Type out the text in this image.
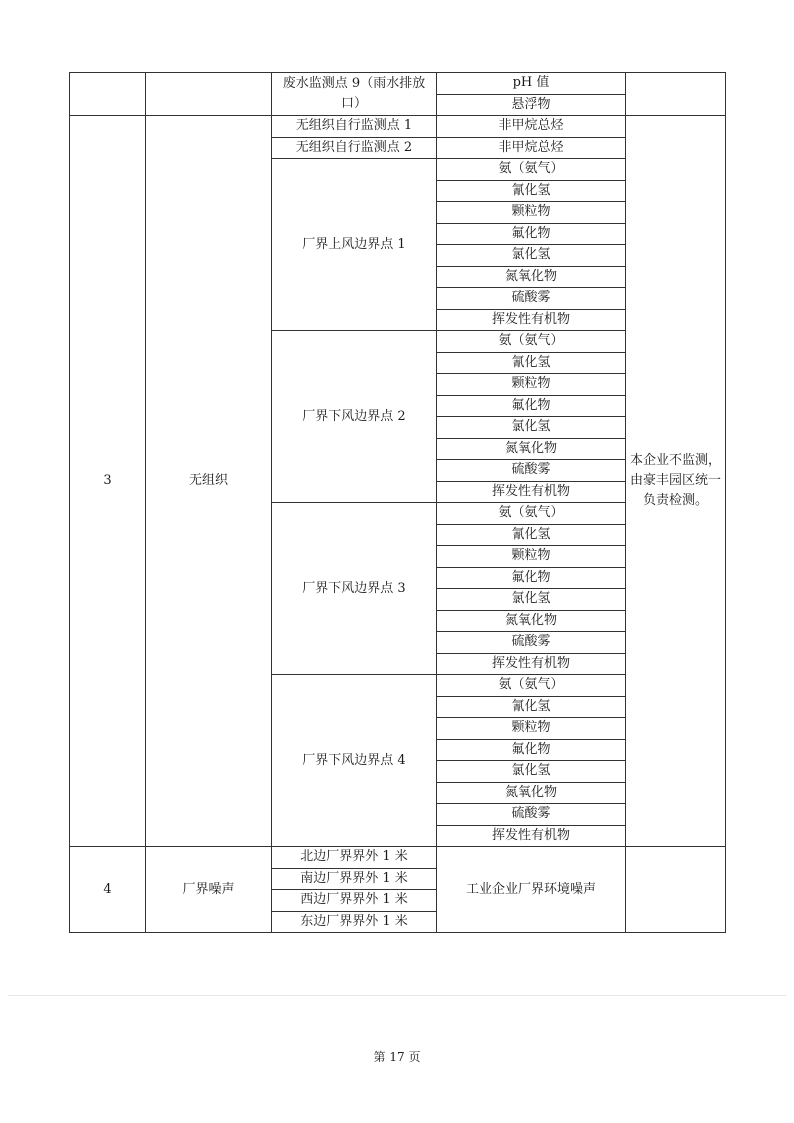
		废水监测点 9（雨水排放口）	pH 值	
			悬浮物	
3	无组织	无组织自行监测点 1	非甲烷总烃	本企业不监测，由豪丰园区统一负责检测。
		无组织自行监测点 2	非甲烷总烃	
		厂界上风边界点 1	氨（氨气）	
			氰化氢	
			颗粒物	
			氟化物	
			氯化氢	
			氮氧化物	
			硫酸雾	
			挥发性有机物	
		厂界下风边界点 2	氨（氨气）	
			氰化氢	
			颗粒物	
			氟化物	
			氯化氢	
			氮氧化物	
			硫酸雾	
			挥发性有机物	
		厂界下风边界点 3	氨（氨气）	
			氰化氢	
			颗粒物	
			氟化物	
			氯化氢	
			氮氧化物	
			硫酸雾	
			挥发性有机物	
		厂界下风边界点 4	氨（氨气）	
			氰化氢	
			颗粒物	
			氟化物	
			氯化氢	
			氮氧化物	
			硫酸雾	
			挥发性有机物	
4	厂界噪声	北边厂界界外 1 米	工业企业厂界环境噪声	
		南边厂界界外 1 米		
		西边厂界界外 1 米		
		东边厂界界外 1 米		
第 17 页
